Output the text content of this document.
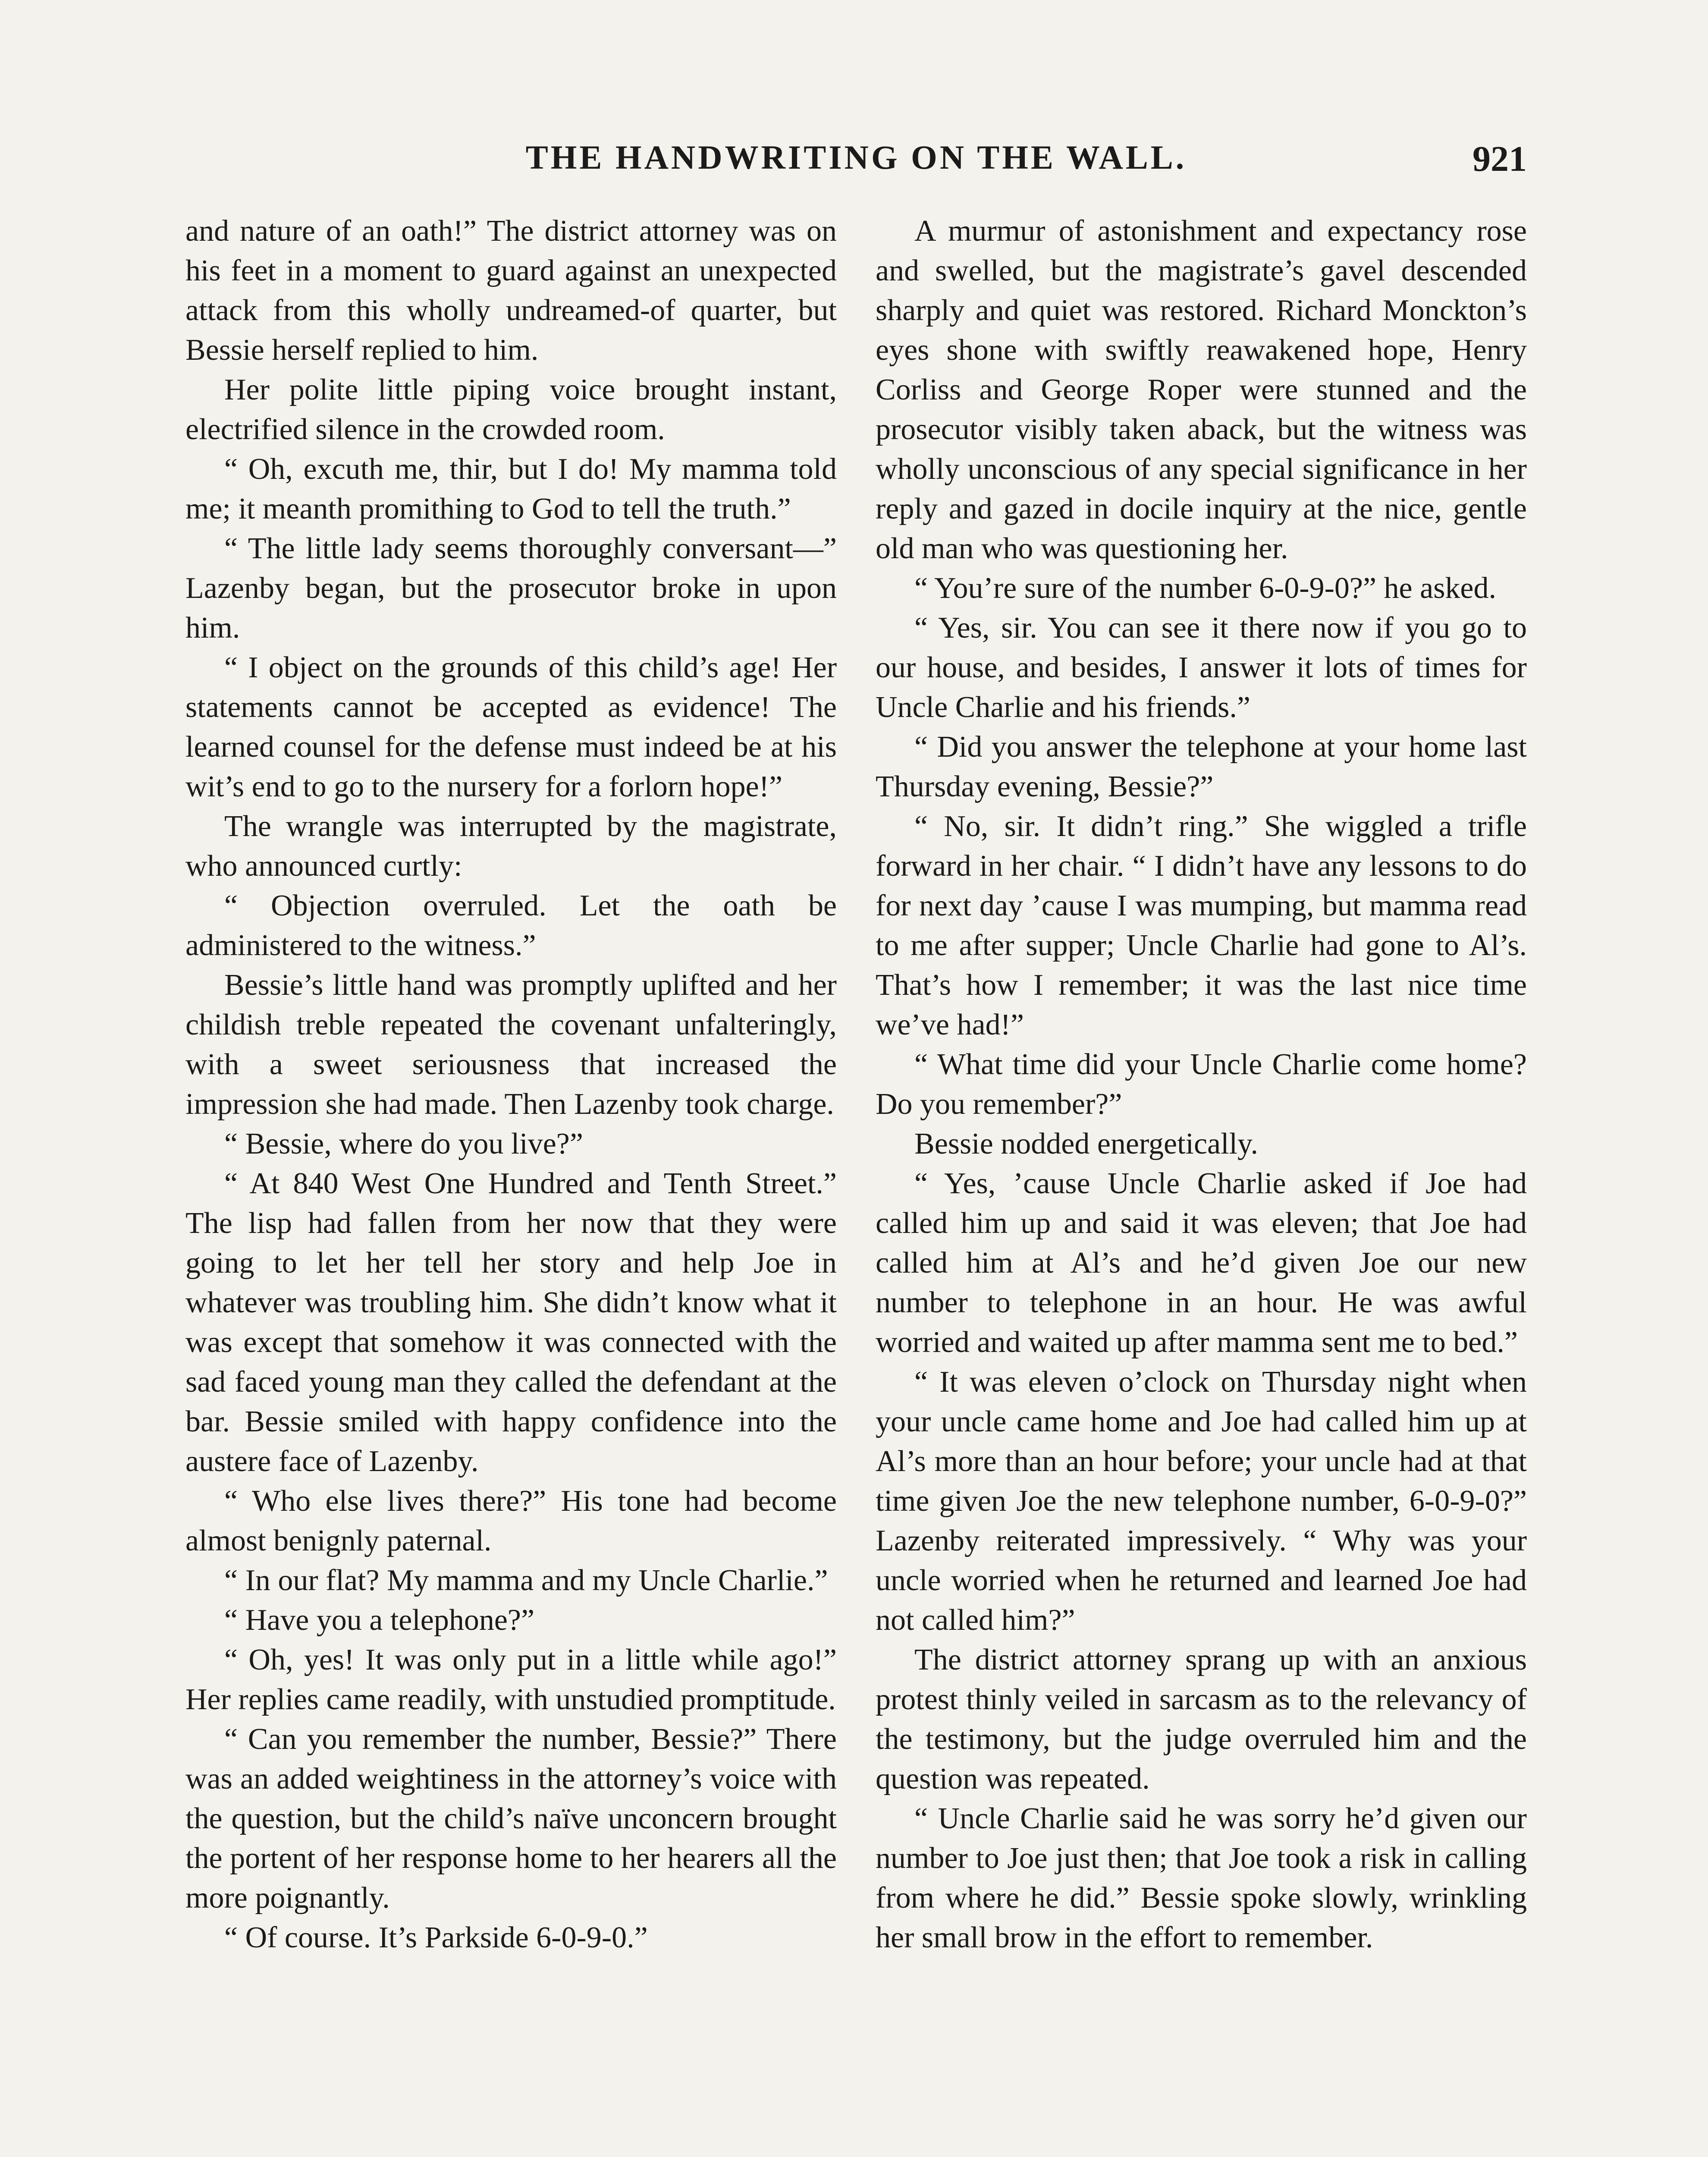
THE HANDWRITING ON THE WALL.	921

and nature of an oath!” The district attorney was on his feet in a moment to guard against an unexpected attack from this wholly undreamed-of quarter, but Bessie herself replied to him.

Her polite little piping voice brought instant, electrified silence in the crowded room.

“ Oh, excuth me, thir, but I do! My mamma told me; it meanth promithing to God to tell the truth.”

“ The little lady seems thoroughly conversant—” Lazenby began, but the prosecutor broke in upon him.

“ I object on the grounds of this child’s age! Her statements cannot be accepted as evidence! The learned counsel for the defense must indeed be at his wit’s end to go to the nursery for a forlorn hope!”

The wrangle was interrupted by the magistrate, who announced curtly:

“ Objection overruled. Let the oath be administered to the witness.”

Bessie’s little hand was promptly uplifted and her childish treble repeated the covenant unfalteringly, with a sweet seriousness that increased the impression she had made. Then Lazenby took charge.

“ Bessie, where do you live?”

“ At 840 West One Hundred and Tenth Street.” The lisp had fallen from her now that they were going to let her tell her story and help Joe in whatever was troubling him. She didn’t know what it was except that somehow it was connected with the sad faced young man they called the defendant at the bar. Bessie smiled with happy confidence into the austere face of Lazenby.

“ Who else lives there?” His tone had become almost benignly paternal.

“ In our flat? My mamma and my Uncle Charlie.”

“ Have you a telephone?”

“ Oh, yes! It was only put in a little while ago!” Her replies came readily, with unstudied promptitude.

“ Can you remember the number, Bessie?” There was an added weightiness in the attorney’s voice with the question, but the child’s naïve unconcern brought the portent of her response home to her hearers all the more poignantly.

“ Of course. It’s Parkside 6-0-9-0.”

A murmur of astonishment and expectancy rose and swelled, but the magistrate’s gavel descended sharply and quiet was restored. Richard Monckton’s eyes shone with swiftly reawakened hope, Henry Corliss and George Roper were stunned and the prosecutor visibly taken aback, but the witness was wholly unconscious of any special significance in her reply and gazed in docile inquiry at the nice, gentle old man who was questioning her.

“ You’re sure of the number 6-0-9-0?” he asked.

“ Yes, sir. You can see it there now if you go to our house, and besides, I answer it lots of times for Uncle Charlie and his friends.”

“ Did you answer the telephone at your home last Thursday evening, Bessie?”

“ No, sir. It didn’t ring.” She wiggled a trifle forward in her chair. “ I didn’t have any lessons to do for next day ’cause I was mumping, but mamma read to me after supper; Uncle Charlie had gone to Al’s. That’s how I remember; it was the last nice time we’ve had!”

“ What time did your Uncle Charlie come home? Do you remember?”

Bessie nodded energetically.

“ Yes, ’cause Uncle Charlie asked if Joe had called him up and said it was eleven; that Joe had called him at Al’s and he’d given Joe our new number to telephone in an hour. He was awful worried and waited up after mamma sent me to bed.”

“ It was eleven o’clock on Thursday night when your uncle came home and Joe had called him up at Al’s more than an hour before; your uncle had at that time given Joe the new telephone number, 6-0-9-0?” Lazenby reiterated impressively. “ Why was your uncle worried when he returned and learned Joe had not called him?”

The district attorney sprang up with an anxious protest thinly veiled in sarcasm as to the relevancy of the testimony, but the judge overruled him and the question was repeated.

“ Uncle Charlie said he was sorry he’d given our number to Joe just then; that Joe took a risk in calling from where he did.” Bessie spoke slowly, wrinkling her small brow in the effort to remember.
